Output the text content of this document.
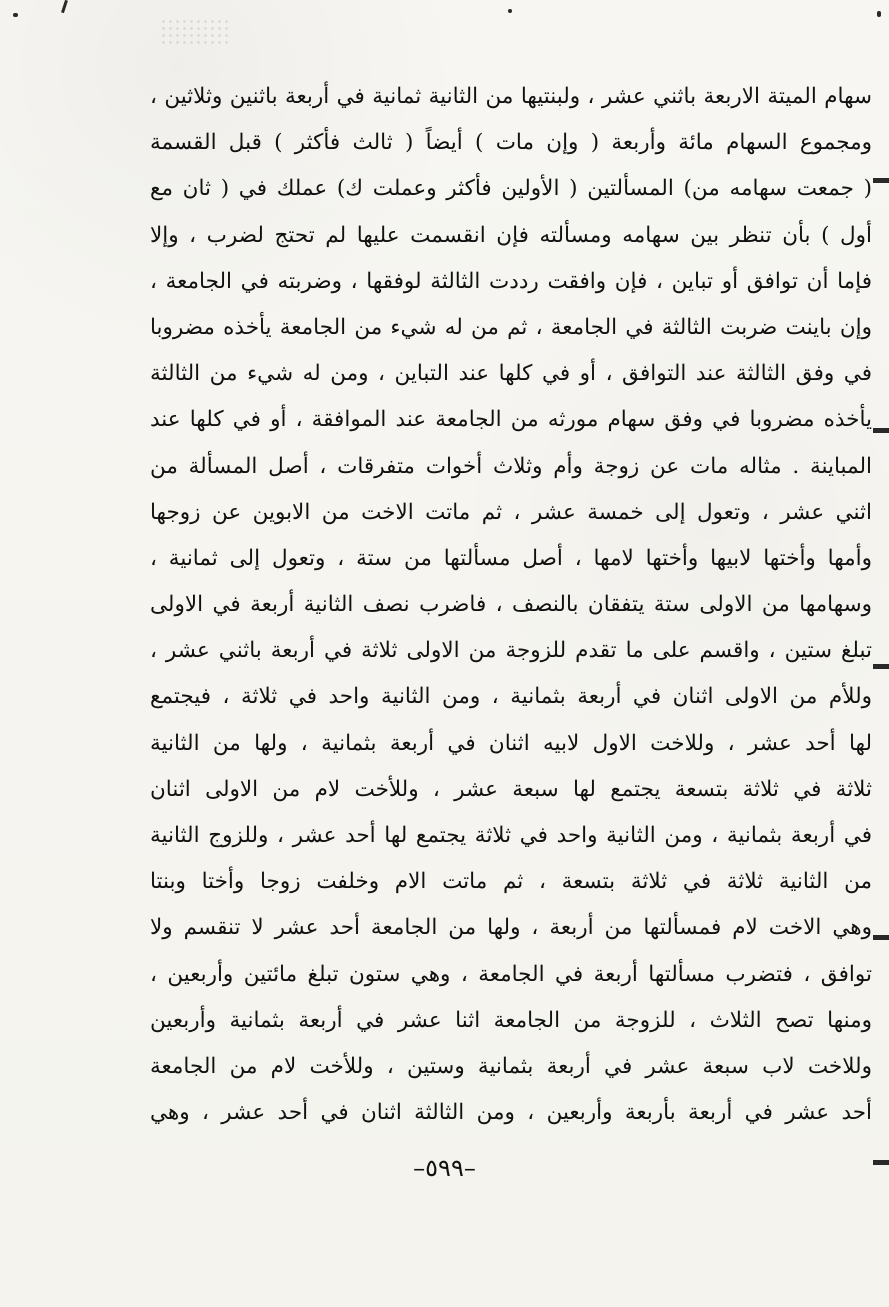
سهام الميتة الاربعة باثني عشر ، ولبنتيها من الثانية ثمانية في أربعة باثنين وثلاثين ،
ومجموع السهام مائة وأربعة ( وإن مات ) أيضاً ( ثالث فأكثر ) قبل القسمة
( جمعت سهامه من) المسألتين ( الأولين فأكثر وعملت ك) عملك في ( ثان مع
أول ) بأن تنظر بين سهامه ومسألته فإن انقسمت عليها لم تحتج لضرب ، وإلا
فإما أن توافق أو تباين ، فإن وافقت رددت الثالثة لوفقها ، وضربته في الجامعة ،
وإن باينت ضربت الثالثة في الجامعة ، ثم من له شيء من الجامعة يأخذه مضروبا
في وفق الثالثة عند التوافق ، أو في كلها عند التباين ، ومن له شيء من الثالثة
يأخذه مضروبا في وفق سهام مورثه من الجامعة عند الموافقة ، أو في كلها عند
المباينة . مثاله مات عن زوجة وأم وثلاث أخوات متفرقات ، أصل المسألة من
اثني عشر ، وتعول إلى خمسة عشر ، ثم ماتت الاخت من الابوين عن زوجها
وأمها وأختها لابيها وأختها لامها ، أصل مسألتها من ستة ، وتعول إلى ثمانية ،
وسهامها من الاولى ستة يتفقان بالنصف ، فاضرب نصف الثانية أربعة في الاولى
تبلغ ستين ، واقسم على ما تقدم للزوجة من الاولى ثلاثة في أربعة باثني عشر ،
وللأم من الاولى اثنان في أربعة بثمانية ، ومن الثانية واحد في ثلاثة ، فيجتمع
لها أحد عشر ، وللاخت الاول لابيه اثنان في أربعة بثمانية ، ولها من الثانية
ثلاثة في ثلاثة بتسعة يجتمع لها سبعة عشر ، وللأخت لام من الاولى اثنان
في أربعة بثمانية ، ومن الثانية واحد في ثلاثة يجتمع لها أحد عشر ، وللزوج الثانية
من الثانية ثلاثة في ثلاثة بتسعة ، ثم ماتت الام وخلفت زوجا وأختا وبنتا
وهي الاخت لام فمسألتها من أربعة ، ولها من الجامعة أحد عشر لا تنقسم ولا
توافق ، فتضرب مسألتها أربعة في الجامعة ، وهي ستون تبلغ مائتين وأربعين ،
ومنها تصح الثلاث ، للزوجة من الجامعة اثنا عشر في أربعة بثمانية وأربعين
وللاخت لاب سبعة عشر في أربعة بثمانية وستين ، وللأخت لام من الجامعة
أحد عشر في أربعة بأربعة وأربعين ، ومن الثالثة اثنان في أحد عشر ، وهي
–٥٩٩–
